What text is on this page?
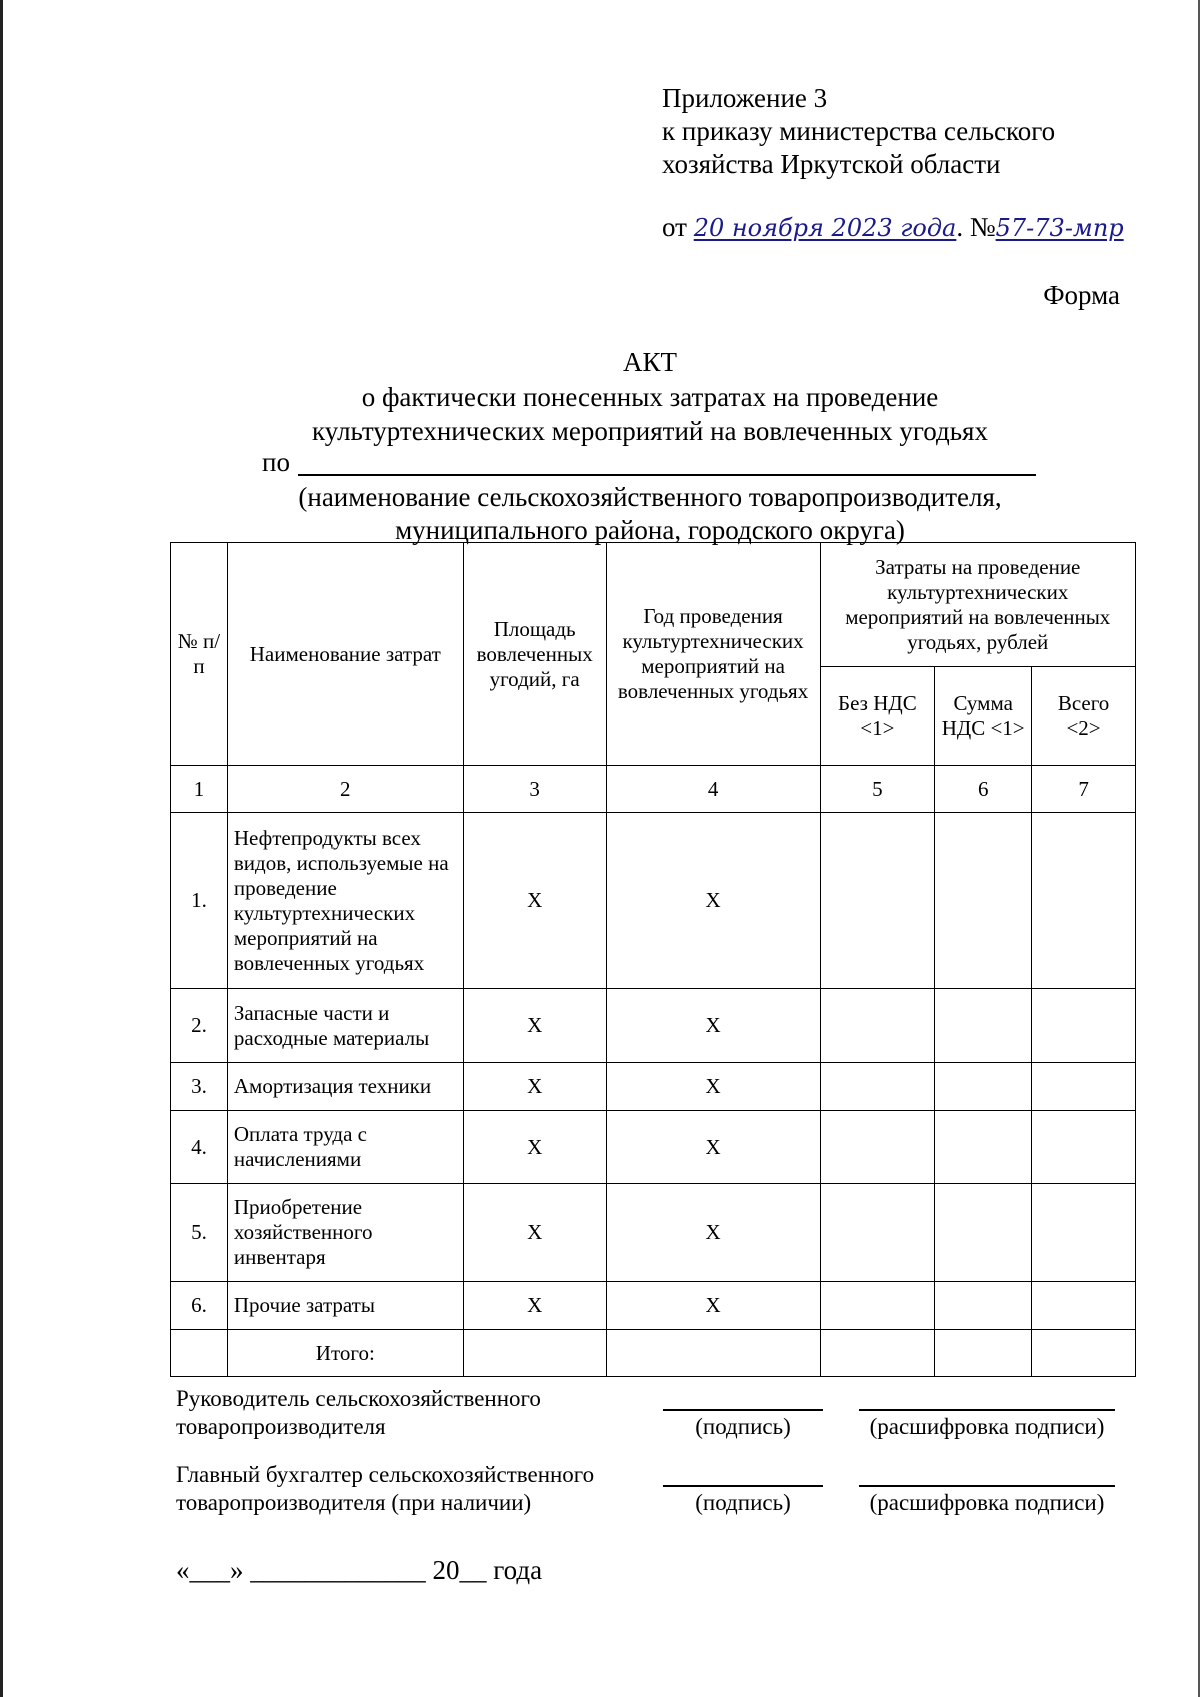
Приложение 3
к приказу министерства сельского
хозяйства Иркутской области
от 20 ноября 2023 года. №57-73-мпр
Форма
АКТ
о фактически понесенных затратах на проведение
культуртехнических мероприятий на вовлеченных угодьях
по
(наименование сельскохозяйственного товаропроизводителя,
муниципального района, городского округа)
№ п/п	Наименование затрат	Площадь вовлеченных угодий, га	Год проведения культуртехнических мероприятий на вовлеченных угодьях	Затраты на проведение культуртехнических мероприятий на вовлеченных угодьях, рублей		
				Без НДС <1>	Сумма НДС <1>	Всего <2>
1	2	3	4	5	6	7
1.	Нефтепродукты всех видов, используемые на проведение культуртехнических мероприятий на вовлеченных угодьях	X	X			
2.	Запасные части и расходные материалы	X	X			
3.	Амортизация техники	X	X			
4.	Оплата труда с начислениями	X	X			
5.	Приобретение хозяйственного инвентаря	X	X			
6.	Прочие затраты	X	X			
	Итого:					
Руководитель сельскохозяйственного
товаропроизводителя	(подпись)	(расшифровка подписи)
Главный бухгалтер сельскохозяйственного
товаропроизводителя (при наличии)	(подпись)	(расшифровка подписи)
«___» _____________ 20__ года
